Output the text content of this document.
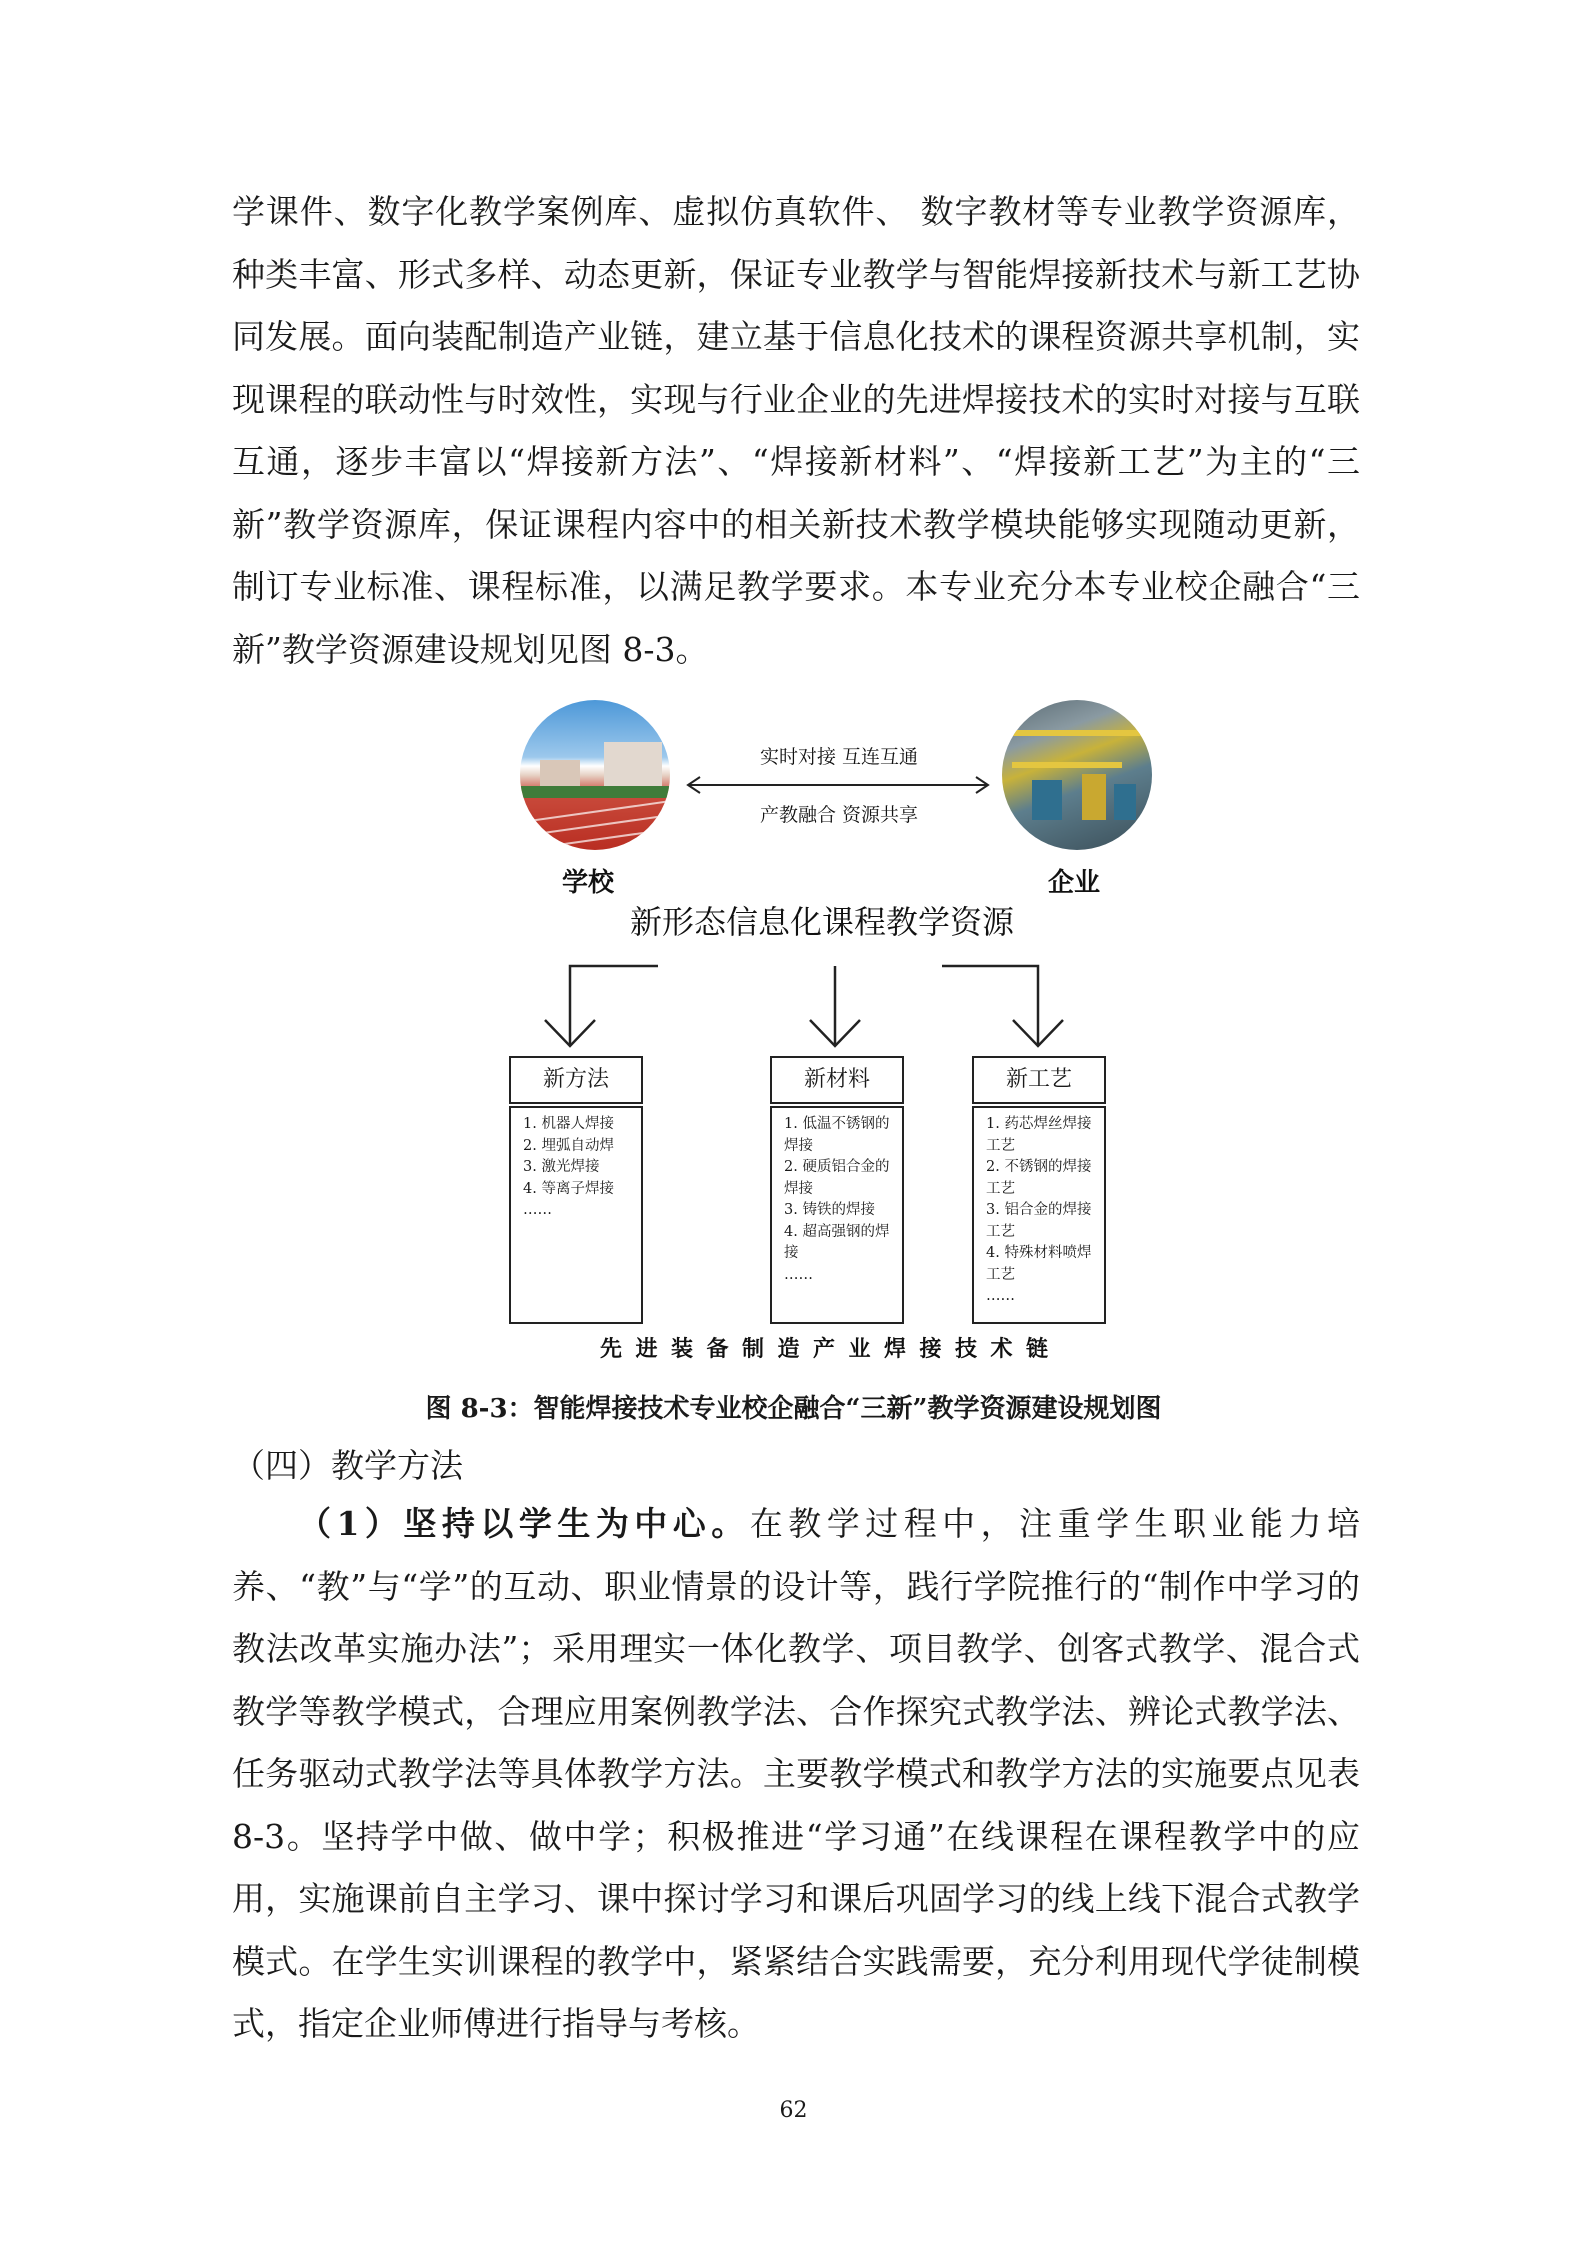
学课件、数字化教学案例库、虚拟仿真软件、 数字教材等专业教学资源库，种类丰富、形式多样、动态更新，保证专业教学与智能焊接新技术与新工艺协同发展。面向装配制造产业链，建立基于信息化技术的课程资源共享机制，实现课程的联动性与时效性，实现与行业企业的先进焊接技术的实时对接与互联互通，逐步丰富以“焊接新方法”、“焊接新材料”、“焊接新工艺”为主的“三新”教学资源库，保证课程内容中的相关新技术教学模块能够实现随动更新，制订专业标准、课程标准，以满足教学要求。本专业充分本专业校企融合“三新”教学资源建设规划见图 8-3。

实时对接 互连互通
产教融合 资源共享
学校	企业
新形态信息化课程教学资源
新方法
1. 机器人焊接
2. 埋弧自动焊
3. 激光焊接
4. 等离子焊接
……
新材料
1. 低温不锈钢的焊接
2. 硬质铝合金的焊接
3. 铸铁的焊接
4. 超高强钢的焊接
……
新工艺
1. 药芯焊丝焊接工艺
2. 不锈钢的焊接工艺
3. 铝合金的焊接工艺
4. 特殊材料喷焊工艺
……
先进装备制造产业焊接技术链
图 8-3：智能焊接技术专业校企融合“三新”教学资源建设规划图
（四）教学方法

（1）坚持以学生为中心。在教学过程中，注重学生职业能力培养、“教”与“学”的互动、职业情景的设计等，践行学院推行的“制作中学习的教法改革实施办法”；采用理实一体化教学、项目教学、创客式教学、混合式教学等教学模式，合理应用案例教学法、合作探究式教学法、辨论式教学法、任务驱动式教学法等具体教学方法。主要教学模式和教学方法的实施要点见表 8-3。坚持学中做、做中学；积极推进“学习通”在线课程在课程教学中的应用，实施课前自主学习、课中探讨学习和课后巩固学习的线上线下混合式教学模式。在学生实训课程的教学中，紧紧结合实践需要，充分利用现代学徒制模式，指定企业师傅进行指导与考核。

62
